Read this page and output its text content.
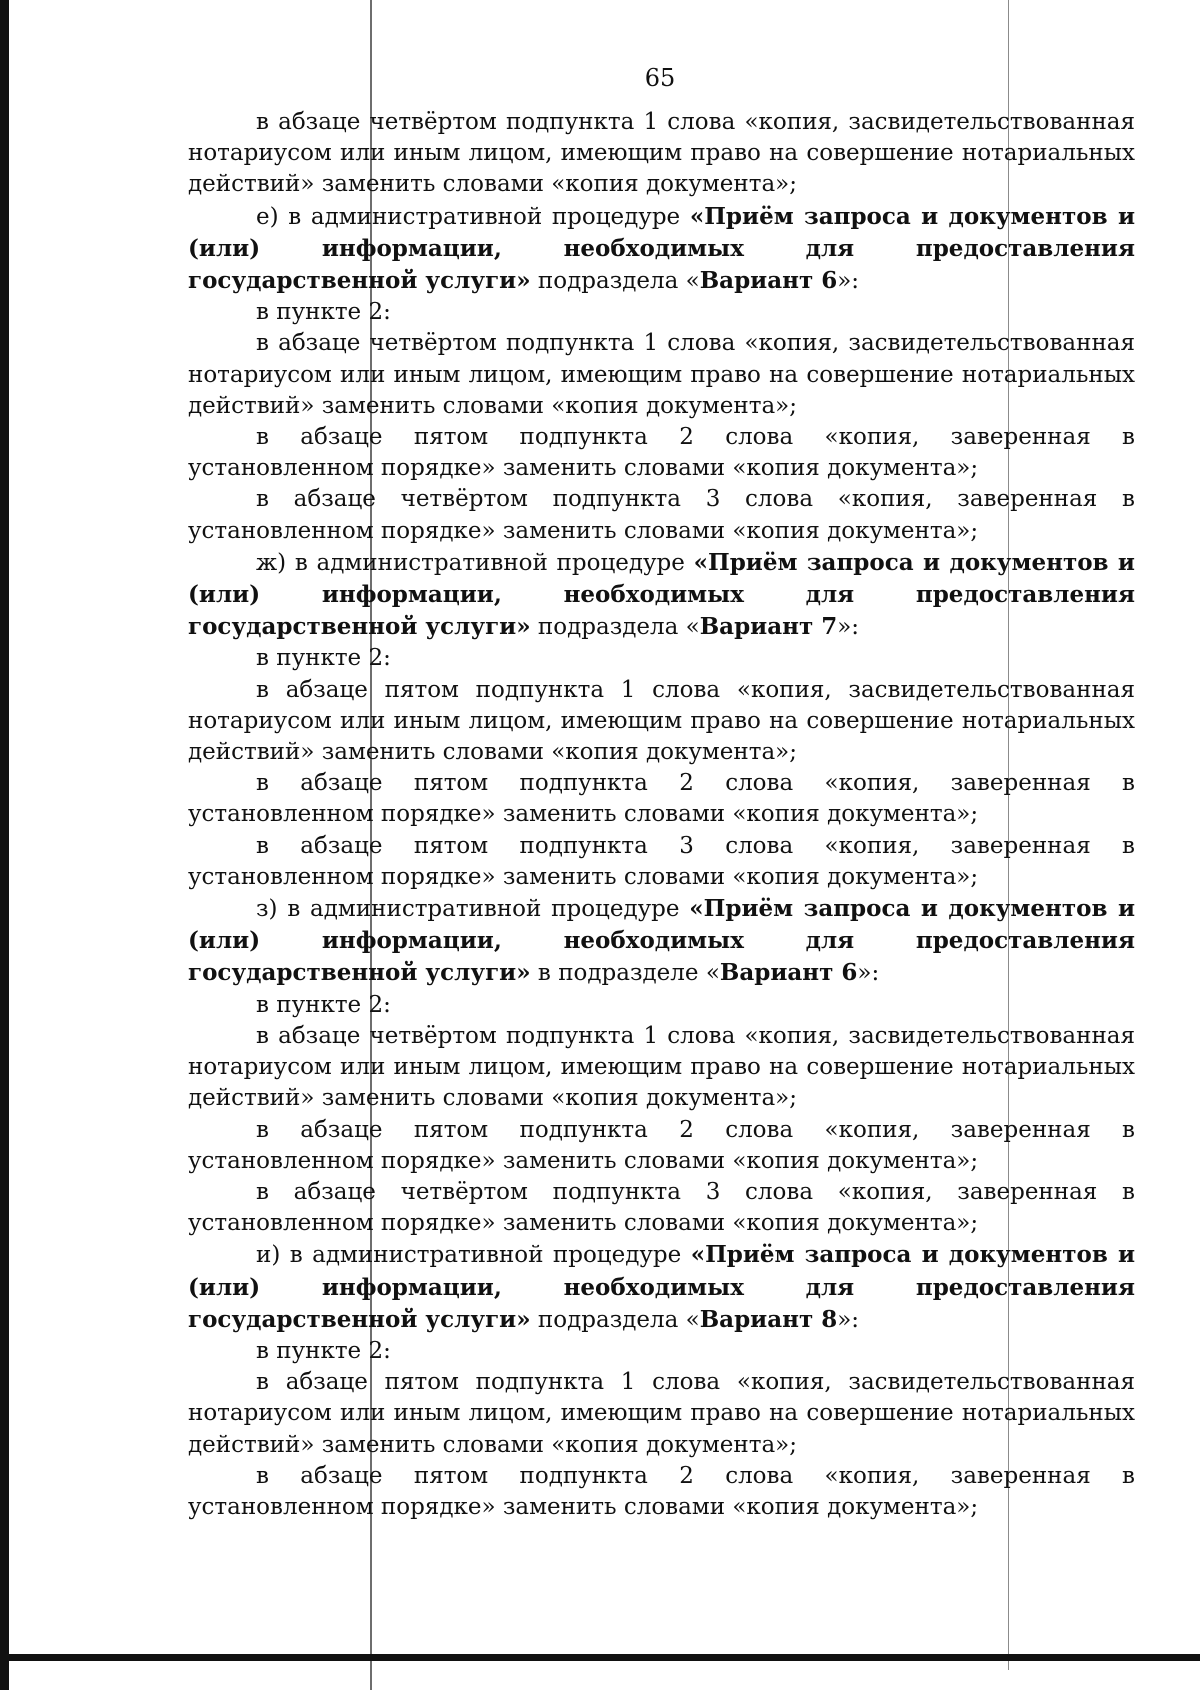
65

в абзаце четвёртом подпункта 1 слова «копия, засвидетельствованная нотариусом или иным лицом, имеющим право на совершение нотариальных действий» заменить словами «копия документа»;

е) в административной процедуре «Приём запроса и документов и (или) информации, необходимых для предоставления государственной услуги» подраздела «Вариант 6»:

в пункте 2:

в абзаце четвёртом подпункта 1 слова «копия, засвидетельствованная нотариусом или иным лицом, имеющим право на совершение нотариальных действий» заменить словами «копия документа»;

в абзаце пятом подпункта 2 слова «копия, заверенная в установленном порядке» заменить словами «копия документа»;

в абзаце четвёртом подпункта 3 слова «копия, заверенная в установленном порядке» заменить словами «копия документа»;

ж) в административной процедуре «Приём запроса и документов и (или) информации, необходимых для предоставления государственной услуги» подраздела «Вариант 7»:

в пункте 2:

в абзаце пятом подпункта 1 слова «копия, засвидетельствованная нотариусом или иным лицом, имеющим право на совершение нотариальных действий» заменить словами «копия документа»;

в абзаце пятом подпункта 2 слова «копия, заверенная в установленном порядке» заменить словами «копия документа»;

в абзаце пятом подпункта 3 слова «копия, заверенная в установленном порядке» заменить словами «копия документа»;

з) в административной процедуре «Приём запроса и документов и (или) информации, необходимых для предоставления государственной услуги» в подразделе «Вариант 6»:

в пункте 2:

в абзаце четвёртом подпункта 1 слова «копия, засвидетельствованная нотариусом или иным лицом, имеющим право на совершение нотариальных действий» заменить словами «копия документа»;

в абзаце пятом подпункта 2 слова «копия, заверенная в установленном порядке» заменить словами «копия документа»;

в абзаце четвёртом подпункта 3 слова «копия, заверенная в установленном порядке» заменить словами «копия документа»;

и) в административной процедуре «Приём запроса и документов и (или) информации, необходимых для предоставления государственной услуги» подраздела «Вариант 8»:

в пункте 2:

в абзаце пятом подпункта 1 слова «копия, засвидетельствованная нотариусом или иным лицом, имеющим право на совершение нотариальных действий» заменить словами «копия документа»;

в абзаце пятом подпункта 2 слова «копия, заверенная в установленном порядке» заменить словами «копия документа»;
